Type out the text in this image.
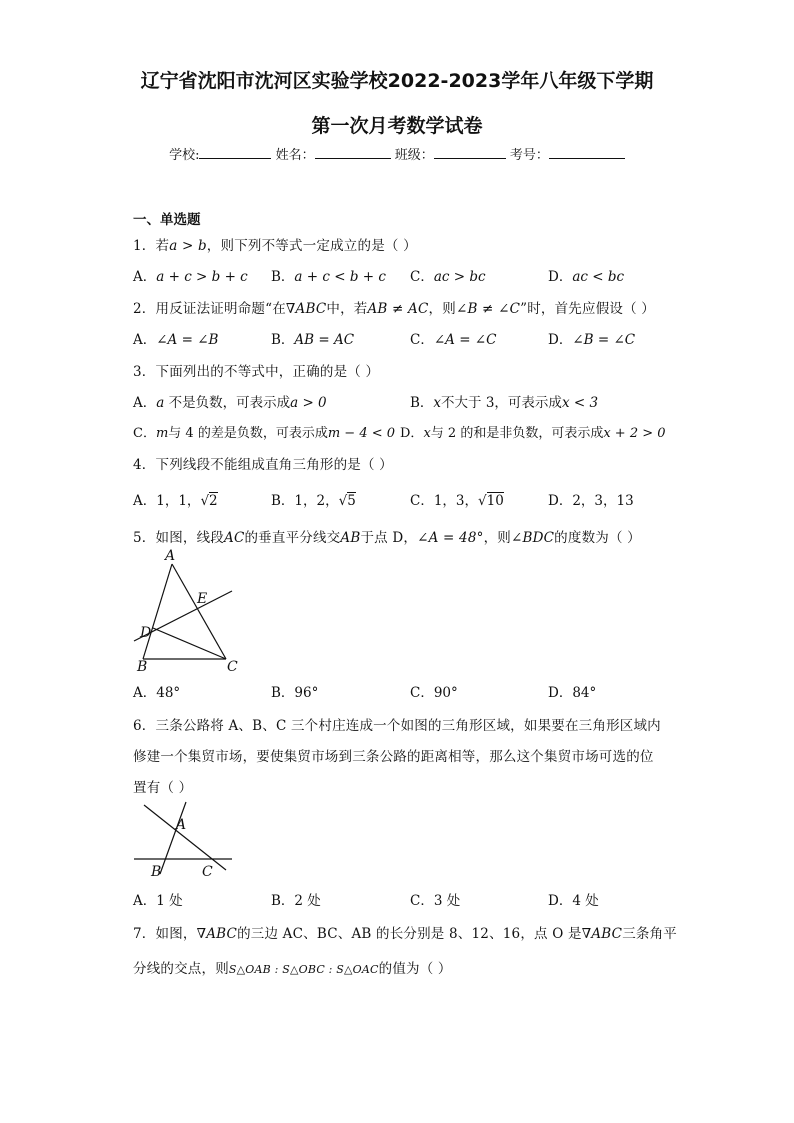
辽宁省沈阳市沈河区实验学校2022-2023学年八年级下学期
第一次月考数学试卷
学校:	姓名：	班级：	考号：
一、单选题
1．若a > b，则下列不等式一定成立的是（ ）
A．a + c > b + c B．a + c < b + c C．ac > bc	D．ac < bc
2．用反证法证明命题“在∇ABC中，若AB ≠ AC，则∠B ≠ ∠C”时，首先应假设（ ）
A．∠A = ∠B	B．AB = AC	C．∠A = ∠C	D．∠B = ∠C
3．下面列出的不等式中，正确的是（ ）
A．a 不是负数，可表示成a > 0	B．x不大于 3，可表示成x < 3
C．m与 4 的差是负数，可表示成m − 4 < 0 D．x与 2 的和是非负数，可表示成x + 2 > 0
4．下列线段不能组成直角三角形的是（ ）
A．1，1，√2	B．1，2，√5	C．1，3，√10	D．2，3，13
5．如图，线段AC的垂直平分线交AB于点 D，∠A = 48°，则∠BDC的度数为（ ）
A
E
D
B	C
A．48°	B．96°	C．90°	D．84°
6．三条公路将 A、B、C 三个村庄连成一个如图的三角形区域，如果要在三角形区域内
修建一个集贸市场，要使集贸市场到三条公路的距离相等，那么这个集贸市场可选的位
置有（ ）
A
B	C
A．1 处	B．2 处	C．3 处	D．4 处
7．如图，∇ABC的三边 AC、BC、AB 的长分别是 8、12、16，点 O 是∇ABC三条角平
分线的交点，则S△OAB : S△OBC : S△OAC的值为（ ）
